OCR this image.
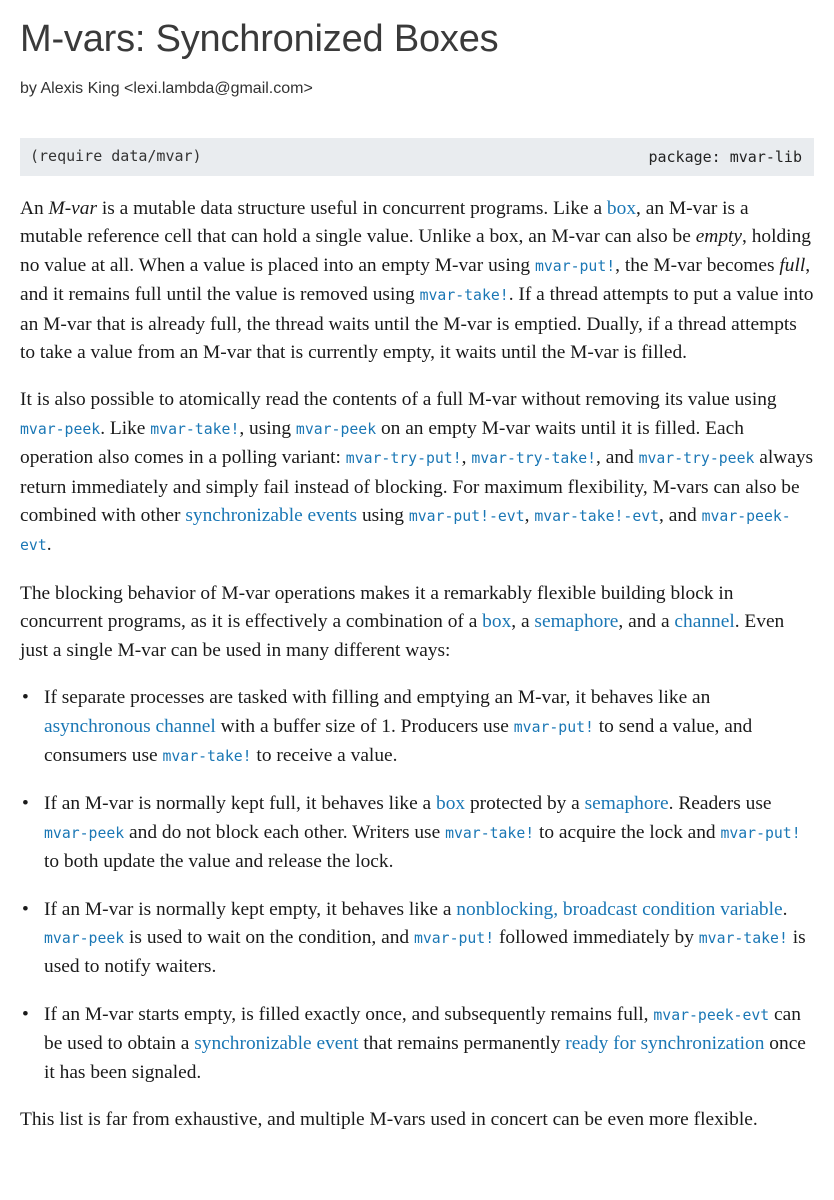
M-vars: Synchronized Boxes
by Alexis King <lexi.lambda@gmail.com>
(require data/mvar)	package: mvar-lib

An M-var is a mutable data structure useful in concurrent programs. Like a box, an M-var is a mutable reference cell that can hold a single value. Unlike a box, an M-var can also be empty, holding no value at all. When a value is placed into an empty M-var using mvar-put!, the M-var becomes full, and it remains full until the value is removed using mvar-take!. If a thread attempts to put a value into an M-var that is already full, the thread waits until the M-var is emptied. Dually, if a thread attempts to take a value from an M-var that is currently empty, it waits until the M-var is filled.

It is also possible to atomically read the contents of a full M-var without removing its value using mvar-peek. Like mvar-take!, using mvar-peek on an empty M-var waits until it is filled. Each operation also comes in a polling variant: mvar-try-put!, mvar-try-take!, and mvar-try-peek always return immediately and simply fail instead of blocking. For maximum flexibility, M-vars can also be combined with other synchronizable events using mvar-put!-evt, mvar-take!-evt, and mvar-peek-evt.

The blocking behavior of M-var operations makes it a remarkably flexible building block in concurrent programs, as it is effectively a combination of a box, a semaphore, and a channel. Even just a single M-var can be used in many different ways:

• If separate processes are tasked with filling and emptying an M-var, it behaves like an asynchronous channel with a buffer size of 1. Producers use mvar-put! to send a value, and consumers use mvar-take! to receive a value.
• If an M-var is normally kept full, it behaves like a box protected by a semaphore. Readers use mvar-peek and do not block each other. Writers use mvar-take! to acquire the lock and mvar-put! to both update the value and release the lock.
• If an M-var is normally kept empty, it behaves like a nonblocking, broadcast condition variable. mvar-peek is used to wait on the condition, and mvar-put! followed immediately by mvar-take! is used to notify waiters.
• If an M-var starts empty, is filled exactly once, and subsequently remains full, mvar-peek-evt can be used to obtain a synchronizable event that remains permanently ready for synchronization once it has been signaled.

This list is far from exhaustive, and multiple M-vars used in concert can be even more flexible.
